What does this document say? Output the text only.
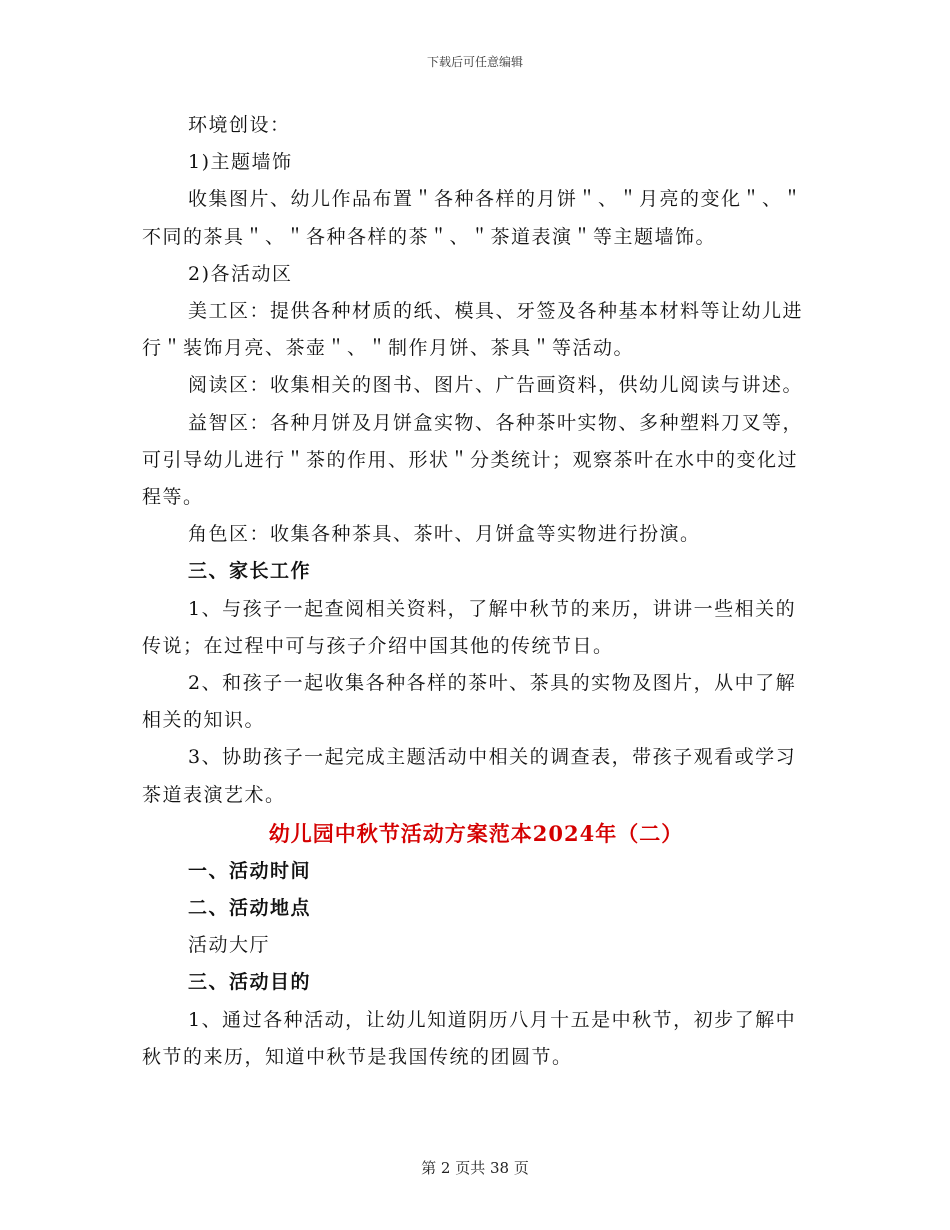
下载后可任意编辑

环境创设：

1)主题墙饰

收集图片、幼儿作品布置＂各种各样的月饼＂、＂月亮的变化＂、＂不同的茶具＂、＂各种各样的茶＂、＂茶道表演＂等主题墙饰。

2)各活动区

美工区：提供各种材质的纸、模具、牙签及各种基本材料等让幼儿进行＂装饰月亮、茶壶＂、＂制作月饼、茶具＂等活动。

阅读区：收集相关的图书、图片、广告画资料，供幼儿阅读与讲述。

益智区：各种月饼及月饼盒实物、各种茶叶实物、多种塑料刀叉等，可引导幼儿进行＂茶的作用、形状＂分类统计；观察茶叶在水中的变化过程等。

角色区：收集各种茶具、茶叶、月饼盒等实物进行扮演。

三、家长工作

1、与孩子一起查阅相关资料，了解中秋节的来历，讲讲一些相关的传说；在过程中可与孩子介绍中国其他的传统节日。

2、和孩子一起收集各种各样的茶叶、茶具的实物及图片，从中了解相关的知识。

3、协助孩子一起完成主题活动中相关的调查表，带孩子观看或学习茶道表演艺术。

幼儿园中秋节活动方案范本2024年（二）

一、活动时间

二、活动地点

活动大厅

三、活动目的

1、通过各种活动，让幼儿知道阴历八月十五是中秋节，初步了解中秋节的来历，知道中秋节是我国传统的团圆节。

第 2 页共 38 页
